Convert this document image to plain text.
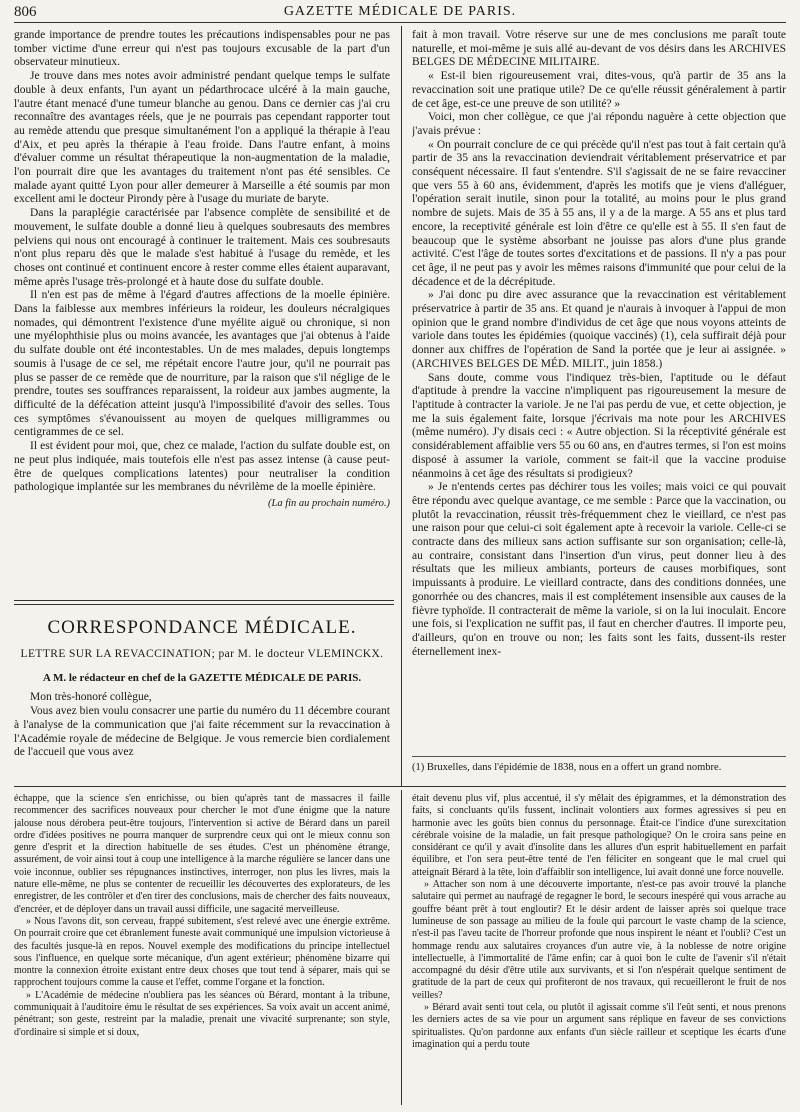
806	GAZETTE MÉDICALE DE PARIS.

grande importance de prendre toutes les précautions indispensables pour ne pas tomber victime d'une erreur qui n'est pas toujours excusable de la part d'un observateur minutieux.

Je trouve dans mes notes avoir administré pendant quelque temps le sulfate double à deux enfants, l'un ayant un pédarthrocace ulcéré à la main gauche, l'autre étant menacé d'une tumeur blanche au genou. Dans ce dernier cas j'ai cru reconnaître des avantages réels, que je ne pourrais pas cependant rapporter tout au remède attendu que presque simultanément l'on a appliqué la thérapie à l'eau d'Aix, et peu après la thérapie à l'eau froide. Dans l'autre enfant, à moins d'évaluer comme un résultat thérapeutique la non-augmentation de la maladie, l'on pourrait dire que les avantages du traitement n'ont pas été sensibles. Ce malade ayant quitté Lyon pour aller demeurer à Marseille a été soumis par mon excellent ami le docteur Pirondy père à l'usage du muriate de baryte.

Dans la paraplégie caractérisée par l'absence complète de sensibilité et de mouvement, le sulfate double a donné lieu à quelques soubresauts des membres pelviens qui nous ont encouragé à continuer le traitement. Mais ces soubresauts n'ont plus reparu dès que le malade s'est habitué à l'usage du remède, et les choses ont continué et continuent encore à rester comme elles étaient auparavant, même après l'usage très-prolongé et à haute dose du sulfate double.

Il n'en est pas de même à l'égard d'autres affections de la moelle épinière. Dans la faiblesse aux membres inférieurs la roideur, les douleurs nécralgiques nomades, qui démontrent l'existence d'une myélite aiguë ou chronique, si non une myélophthisie plus ou moins avancée, les avantages que j'ai obtenus à l'aide du sulfate double ont été incontestables. Un de mes malades, depuis longtemps soumis à l'usage de ce sel, me répétait encore l'autre jour, qu'il ne pourrait pas plus se passer de ce remède que de nourriture, par la raison que s'il néglige de le prendre, toutes ses souffrances reparaissent, la roideur aux jambes augmente, la difficulté de la défécation atteint jusqu'à l'impossibilité d'avoir des selles. Tous ces symptômes s'évanouissent au moyen de quelques milligrammes ou centigrammes de ce sel.

Il est évident pour moi, que, chez ce malade, l'action du sulfate double est, on ne peut plus indiquée, mais toutefois elle n'est pas assez intense (à cause peut-être de quelques complications latentes) pour neutraliser la condition pathologique implantée sur les membranes du névrilème de la moelle épinière.

(La fin au prochain numéro.)
CORRESPONDANCE MÉDICALE.
LETTRE SUR LA REVACCINATION; par M. le docteur VLEMINCKX.
A M. le rédacteur en chef de la GAZETTE MÉDICALE DE PARIS.

Mon très-honoré collègue,

Vous avez bien voulu consacrer une partie du numéro du 11 décembre courant à l'analyse de la communication que j'ai faite récemment sur la revaccination à l'Académie royale de médecine de Belgique. Je vous remercie bien cordialement de l'accueil que vous avez

fait à mon travail. Votre réserve sur une de mes conclusions me paraît toute naturelle, et moi-même je suis allé au-devant de vos désirs dans les ARCHIVES BELGES DE MÉDECINE MILITAIRE.

« Est-il bien rigoureusement vrai, dites-vous, qu'à partir de 35 ans la revaccination soit une pratique utile? De ce qu'elle réussit généralement à partir de cet âge, est-ce une preuve de son utilité? »

Voici, mon cher collègue, ce que j'ai répondu naguère à cette objection que j'avais prévue :

« On pourrait conclure de ce qui précède qu'il n'est pas tout à fait certain qu'à partir de 35 ans la revaccination deviendrait véritablement préservatrice et par conséquent nécessaire. Il faut s'entendre. S'il s'agissait de ne se faire revacciner que vers 55 à 60 ans, évidemment, d'après les motifs que je viens d'alléguer, l'opération serait inutile, sinon pour la totalité, au moins pour le plus grand nombre de sujets. Mais de 35 à 55 ans, il y a de la marge. A 55 ans et plus tard encore, la receptivité générale est loin d'être ce qu'elle est à 55. Il s'en faut de beaucoup que le système absorbant ne jouisse pas alors d'une plus grande activité. C'est l'âge de toutes sortes d'excitations et de passions. Il n'y a pas pour cet âge, il ne peut pas y avoir les mêmes raisons d'immunité que pour celui de la décadence et de la décrépitude.

» J'ai donc pu dire avec assurance que la revaccination est véritablement préservatrice à partir de 35 ans. Et quand je n'aurais à invoquer à l'appui de mon opinion que le grand nombre d'individus de cet âge que nous voyons atteints de variole dans toutes les épidémies (quoique vaccinés) (1), cela suffirait déjà pour donner aux chiffres de l'opération de Sand la portée que je leur ai assignée. » (ARCHIVES BELGES DE MÉD. MILIT., juin 1858.)

Sans doute, comme vous l'indiquez très-bien, l'aptitude ou le défaut d'aptitude à prendre la vaccine n'impliquent pas rigoureusement la mesure de l'aptitude à contracter la variole. Je ne l'ai pas perdu de vue, et cette objection, je me la suis également faite, lorsque j'écrivais ma note pour les ARCHIVES (même numéro). J'y disais ceci : « Autre objection. Si la réceptivité générale est considérablement affaiblie vers 55 ou 60 ans, en d'autres termes, si l'on est moins disposé à assumer la variole, comment se fait-il que la vaccine produise néanmoins à cet âge des résultats si prodigieux?

» Je n'entends certes pas déchirer tous les voiles; mais voici ce qui pouvait être répondu avec quelque avantage, ce me semble : Parce que la vaccination, ou plutôt la revaccination, réussit très-fréquemment chez le vieillard, ce n'est pas une raison pour que celui-ci soit également apte à recevoir la variole. Celle-ci se contracte dans des milieux sans action suffisante sur son organisation; celle-là, au contraire, consistant dans l'insertion d'un virus, peut donner lieu à des résultats que les milieux ambiants, porteurs de causes morbifiques, sont impuissants à produire. Le vieillard contracte, dans des conditions données, une gonorrhée ou des chancres, mais il est complétement insensible aux causes de la fièvre typhoïde. Il contracterait de même la variole, si on la lui inoculait. Encore une fois, si l'explication ne suffit pas, il faut en chercher d'autres. Il importe peu, d'ailleurs, qu'on en trouve ou non; les faits sont les faits, dussent-ils rester éternellement inex-

(1) Bruxelles, dans l'épidémie de 1838, nous en a offert un grand nombre.

échappe, que la science s'en enrichisse, ou bien qu'après tant de massacres il faille recommencer des sacrifices nouveaux pour chercher le mot d'une énigme que la nature jalouse nous dérobera peut-être toujours, l'intervention si active de Bérard dans un pareil ordre d'idées positives ne pourra manquer de surprendre ceux qui ont le mieux connu son genre d'esprit et la direction habituelle de ses études. C'est un phénomène étrange, assurément, de voir ainsi tout à coup une intelligence à la marche régulière se lancer dans une voie inconnue, oublier ses répugnances instinctives, interroger, non plus les livres, mais la nature elle-même, ne plus se contenter de recueillir les découvertes des explorateurs, de les enregistrer, de les contrôler et d'en tirer des conclusions, mais de chercher des faits nouveaux, d'encréer, et de déployer dans un travail aussi difficile, une sagacité merveilleuse.

» Nous l'avons dit, son cerveau, frappé subitement, s'est relevé avec une énergie extrême. On pourrait croire que cet ébranlement funeste avait communiqué une impulsion victorieuse à des facultés jusque-là en repos. Nouvel exemple des modifications du principe intellectuel sous l'influence, en quelque sorte mécanique, d'un agent extérieur; phénomène bizarre qui montre la connexion étroite existant entre deux choses que tout tend à séparer, mais qui se rapprochent toujours comme la cause et l'effet, comme l'organe et la fonction.

» L'Académie de médecine n'oubliera pas les séances où Bérard, montant à la tribune, communiquait à l'auditoire ému le résultat de ses expériences. Sa voix avait un accent animé, pénétrant; son geste, restreint par la maladie, prenait une vivacité surprenante; son style, d'ordinaire si simple et si doux,

était devenu plus vif, plus accentué, il s'y mêlait des épigrammes, et la démonstration des faits, si concluants qu'ils fussent, inclinait volontiers aux formes agressives si peu en harmonie avec les goûts bien connus du personnage. Était-ce l'indice d'une surexcitation cérébrale voisine de la maladie, un fait presque pathologique? On le croira sans peine en considérant ce qu'il y avait d'insolite dans les allures d'un esprit habituellement en parfait équilibre, et l'on sera peut-être tenté de l'en féliciter en songeant que le mal cruel qui atteignait Bérard à la tête, loin d'affaiblir son intelligence, lui avait donné une force nouvelle.

» Attacher son nom à une découverte importante, n'est-ce pas avoir trouvé la planche salutaire qui permet au naufragé de regagner le bord, le secours inespéré qui vous arrache au gouffre béant prêt à tout engloutir? Et le désir ardent de laisser après soi quelque trace lumineuse de son passage au milieu de la foule qui parcourt le vaste champ de la science, n'est-il pas l'aveu tacite de l'horreur profonde que nous inspirent le néant et l'oubli? C'est un hommage rendu aux salutaires croyances d'un autre vie, à la noblesse de notre origine intellectuelle, à l'immortalité de l'âme enfin; car à quoi bon le culte de l'avenir s'il n'était accompagné du désir d'être utile aux survivants, et si l'on n'espérait quelque sentiment de gratitude de la part de ceux qui profiteront de nos travaux, qui recueilleront le fruit de nos veilles?

» Bérard avait senti tout cela, ou plutôt il agissait comme s'il l'eût senti, et nous prenons les derniers actes de sa vie pour un argument sans réplique en faveur de ses convictions spiritualistes. Qu'on pardonne aux enfants d'un siècle railleur et sceptique les écarts d'une imagination qui a perdu toute
